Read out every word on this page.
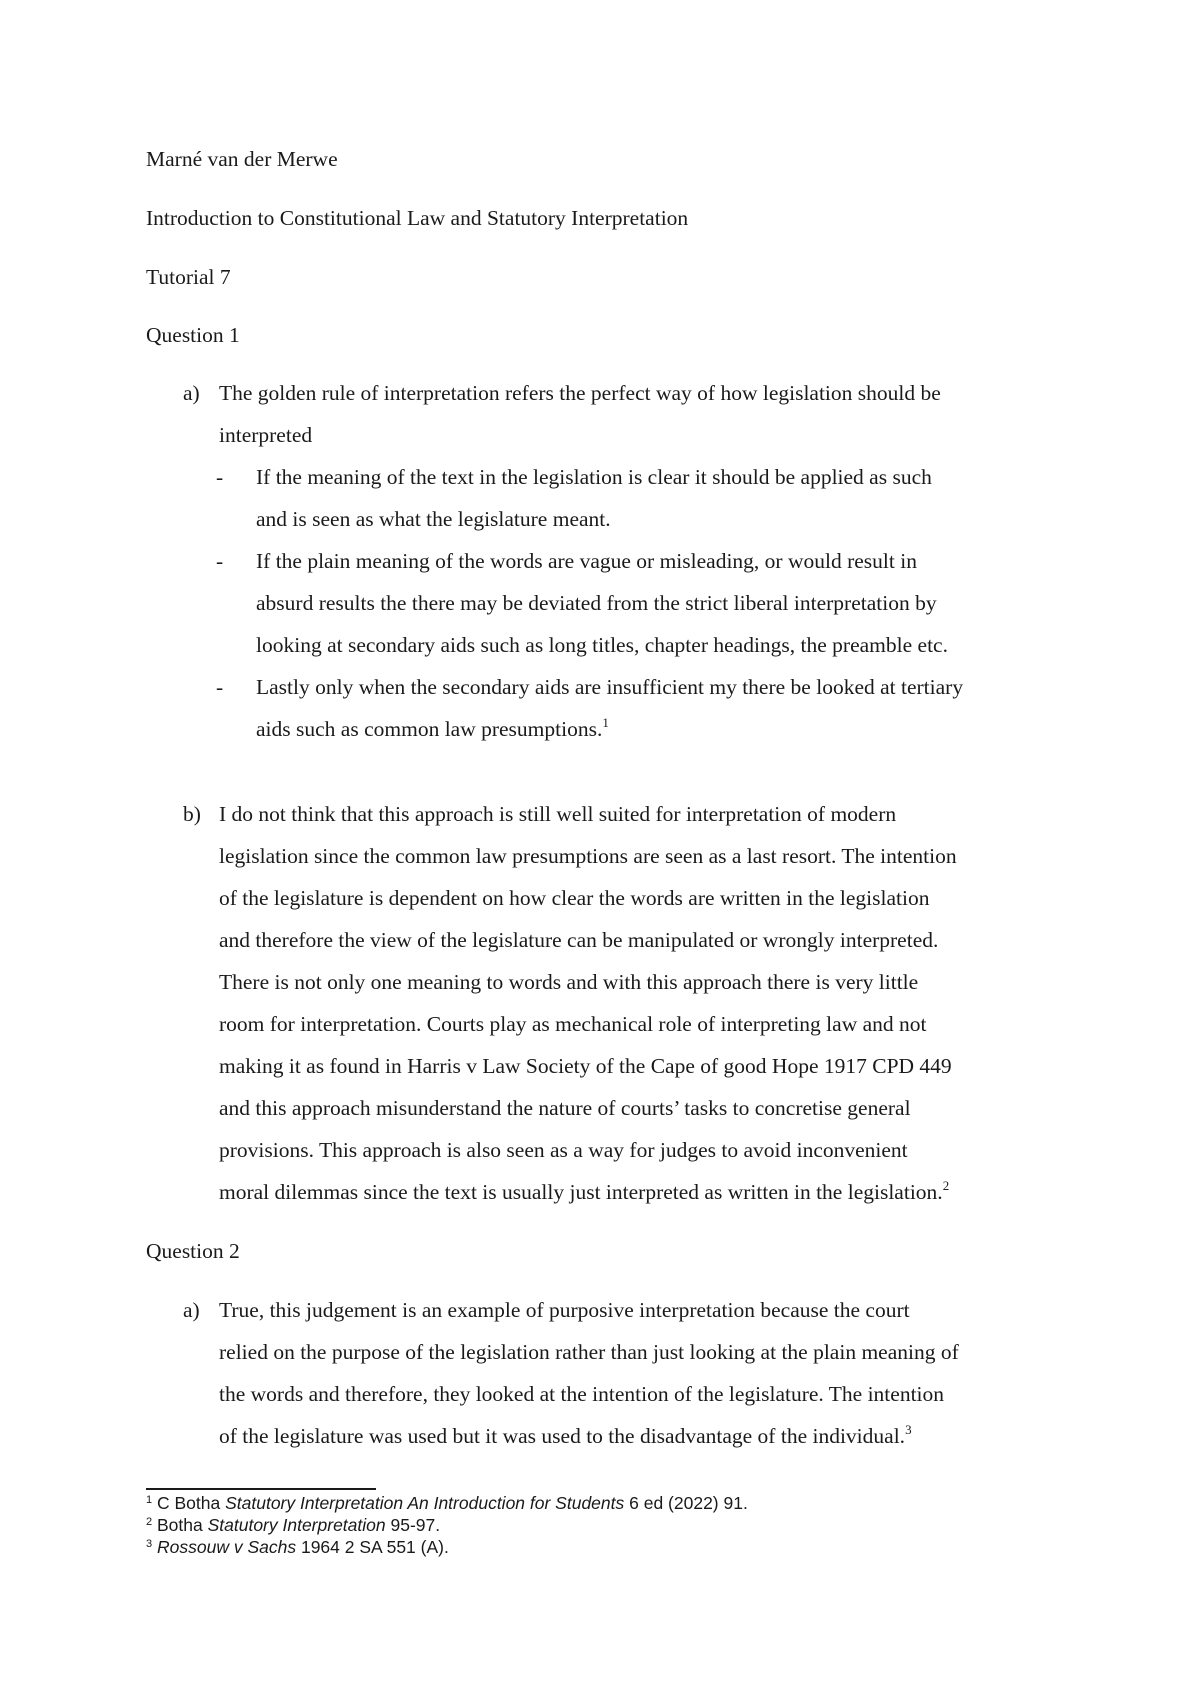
Marné van der Merwe
Introduction to Constitutional Law and Statutory Interpretation
Tutorial 7
Question 1
a) The golden rule of interpretation refers the perfect way of how legislation should be
interpreted
- If the meaning of the text in the legislation is clear it should be applied as such
and is seen as what the legislature meant.
- If the plain meaning of the words are vague or misleading, or would result in
absurd results the there may be deviated from the strict liberal interpretation by
looking at secondary aids such as long titles, chapter headings, the preamble etc.
- Lastly only when the secondary aids are insufficient my there be looked at tertiary
aids such as common law presumptions.$^1$
b) I do not think that this approach is still well suited for interpretation of modern
legislation since the common law presumptions are seen as a last resort. The intention
of the legislature is dependent on how clear the words are written in the legislation
and therefore the view of the legislature can be manipulated or wrongly interpreted.
There is not only one meaning to words and with this approach there is very little
room for interpretation. Courts play as mechanical role of interpreting law and not
making it as found in Harris v Law Society of the Cape of good Hope 1917 CPD 449
and this approach misunderstand the nature of courts’ tasks to concretise general
provisions. This approach is also seen as a way for judges to avoid inconvenient
moral dilemmas since the text is usually just interpreted as written in the legislation.$^2$
Question 2
a) True, this judgement is an example of purposive interpretation because the court
relied on the purpose of the legislation rather than just looking at the plain meaning of
the words and therefore, they looked at the intention of the legislature. The intention
of the legislature was used but it was used to the disadvantage of the individual.$^3$
$^1$ C Botha Statutory Interpretation An Introduction for Students 6 ed (2022) 91.
$^2$ Botha Statutory Interpretation 95-97.
$^3$ Rossouw v Sachs 1964 2 SA 551 (A).
